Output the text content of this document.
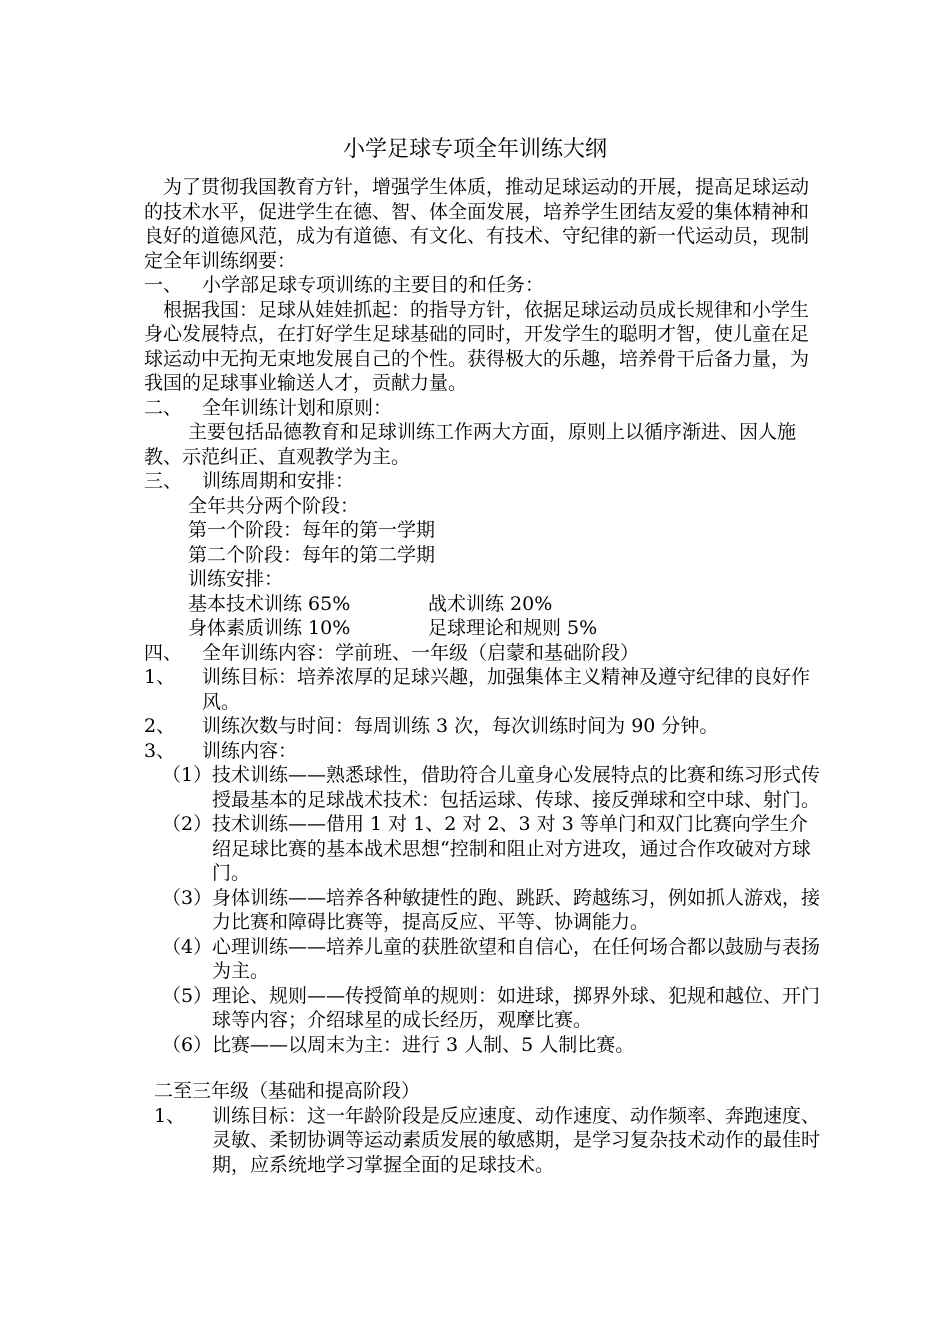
小学足球专项全年训练大纲

为了贯彻我国教育方针，增强学生体质，推动足球运动的开展，提高足球运动的技术水平，促进学生在德、智、体全面发展，培养学生团结友爱的集体精神和良好的道德风范，成为有道德、有文化、有技术、守纪律的新一代运动员，现制定全年训练纲要：

一、	小学部足球专项训练的主要目的和任务：

根据我国：足球从娃娃抓起：的指导方针，依据足球运动员成长规律和小学生身心发展特点，在打好学生足球基础的同时，开发学生的聪明才智，使儿童在足球运动中无拘无束地发展自己的个性。获得极大的乐趣，培养骨干后备力量，为我国的足球事业输送人才，贡献力量。

二、	全年训练计划和原则：

主要包括品德教育和足球训练工作两大方面，原则上以循序渐进、因人施教、示范纠正、直观教学为主。

三、	训练周期和安排：

全年共分两个阶段：

第一个阶段：每年的第一学期

第二个阶段：每年的第二学期

训练安排：

基本技术训练 65%	战术训练 20%
身体素质训练 10%	足球理论和规则 5%
四、	全年训练内容：学前班、一年级（启蒙和基础阶段）
1、	训练目标：培养浓厚的足球兴趣，加强集体主义精神及遵守纪律的良好作风。
2、	训练次数与时间：每周训练 3 次，每次训练时间为 90 分钟。
3、	训练内容：
（1） 技术训练——熟悉球性，借助符合儿童身心发展特点的比赛和练习形式传授最基本的足球战术技术：包括运球、传球、接反弹球和空中球、射门。
（2） 技术训练——借用 1 对 1、2 对 2、3 对 3 等单门和双门比赛向学生介绍足球比赛的基本战术思想“控制和阻止对方进攻，通过合作攻破对方球门。
（3） 身体训练——培养各种敏捷性的跑、跳跃、跨越练习，例如抓人游戏，接力比赛和障碍比赛等，提高反应、平等、协调能力。
（4） 心理训练——培养儿童的获胜欲望和自信心，在任何场合都以鼓励与表扬为主。
（5） 理论、规则——传授简单的规则：如进球，掷界外球、犯规和越位、开门球等内容；介绍球星的成长经历，观摩比赛。
（6） 比赛——以周末为主：进行 3 人制、5 人制比赛。

二至三年级（基础和提高阶段）

1、	训练目标：这一年龄阶段是反应速度、动作速度、动作频率、奔跑速度、灵敏、柔韧协调等运动素质发展的敏感期，是学习复杂技术动作的最佳时期，应系统地学习掌握全面的足球技术。
